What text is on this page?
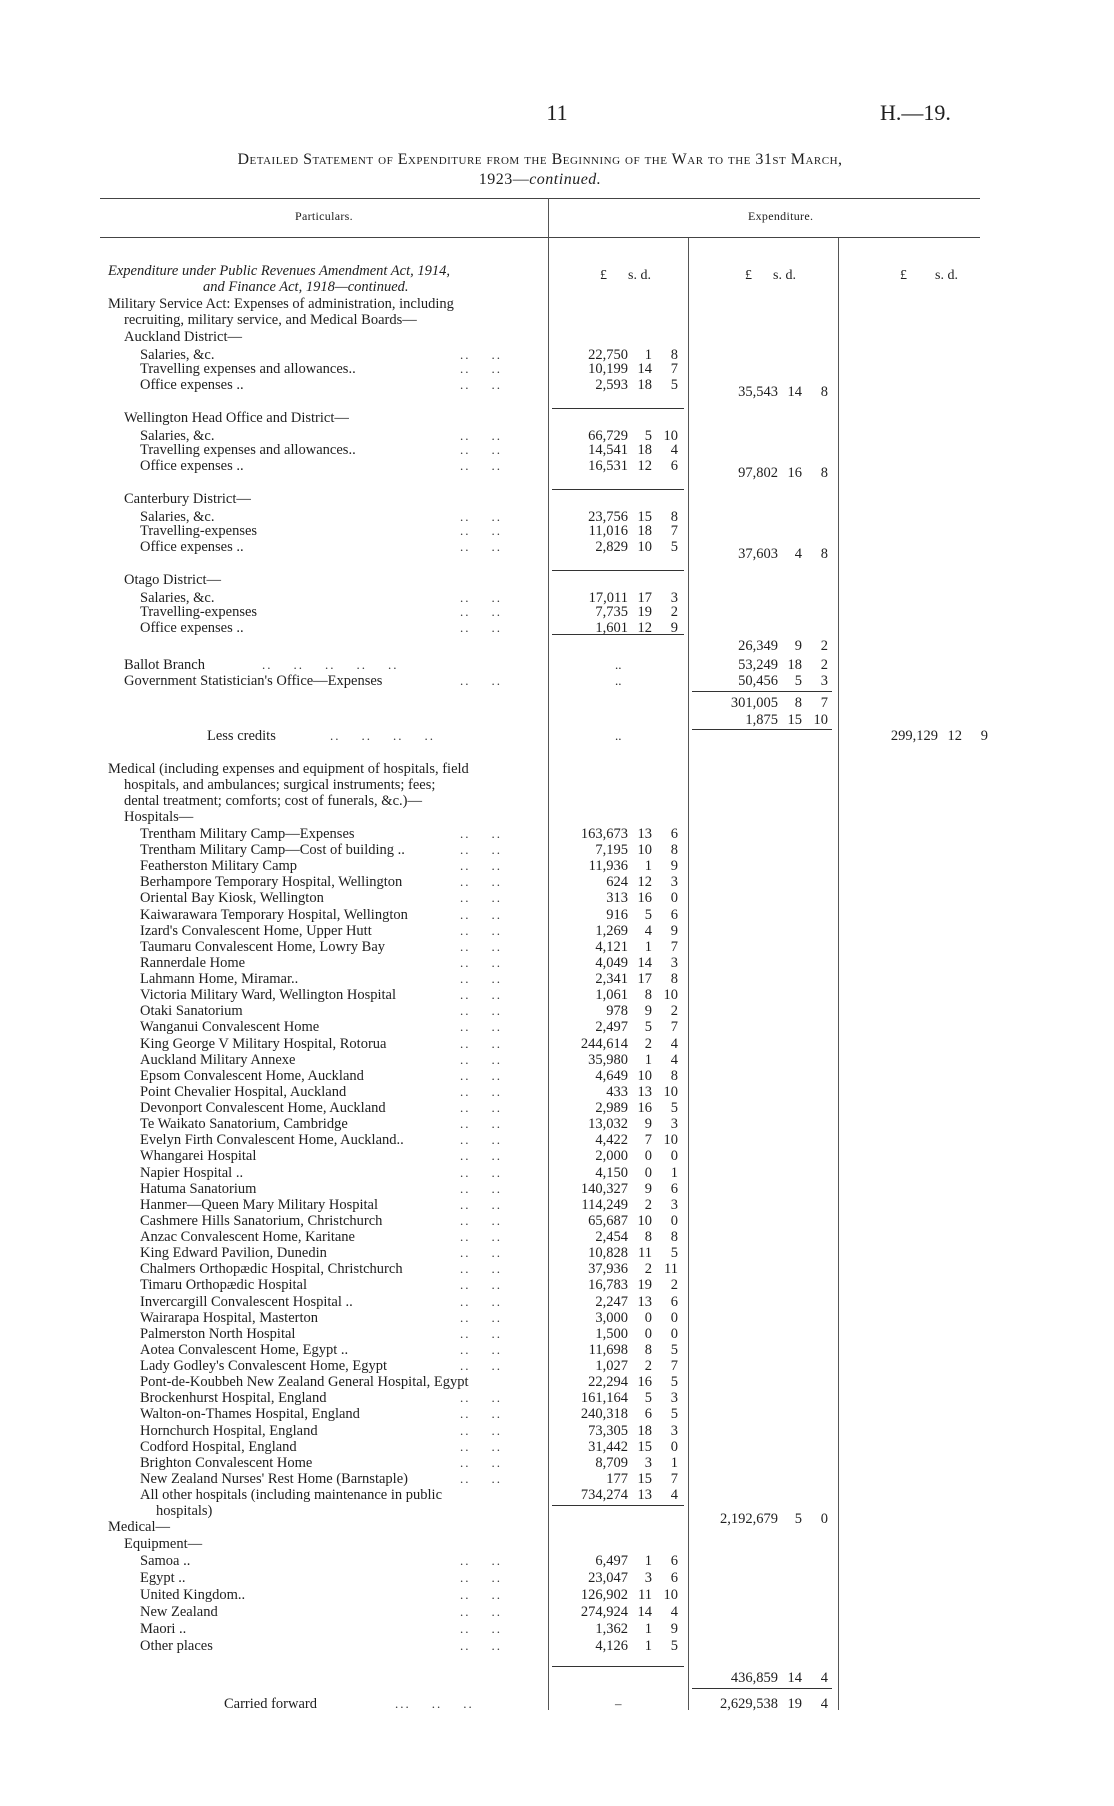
11	H.—19.
Detailed Statement of Expenditure from the Beginning of the War to the 31st March,
1923—continued.
Particulars.	Expenditure.
£ s. d.	£ s. d.	£ s. d.
Expenditure under Public Revenues Amendment Act, 1914,
and Finance Act, 1918—continued.
Military Service Act: Expenses of administration, including
recruiting, military service, and Medical Boards—
Auckland District—
Salaries, &c.	..    ..	22,750	1	8
Travelling expenses and allowances..	..    ..	10,199 14	7
Office expenses ..	..    ..	2,593 18	5	35,543 14	8
Wellington Head Office and District—
Salaries, &c.	..    ..	66,729	5 10
Travelling expenses and allowances..	..    ..	14,541 18	4
Office expenses ..	..    ..	16,531 12	6	97,802 16	8
Canterbury District—
Salaries, &c.	..    ..	23,756 15	8
Travelling-expenses	..    ..	11,016 18	7
Office expenses ..	..    ..	2,829 10	5	37,603	4	8
Otago District—
Salaries, &c.	..    ..	17,011 17	3
Travelling-expenses	..    ..	7,735 19	2
Office expenses ..	..    ..	1,601 12	9
26,349	9	2
Ballot Branch	..    ..    ..    ..    ..	..	53,249 18	2
Government Statistician's Office—Expenses	..    ..	..	50,456	5	3
301,005	8	7
1,875 15 10
Less credits	..    ..    ..    ..	..	299,129 12	9
Medical (including expenses and equipment of hospitals, field
hospitals, and ambulances; surgical instruments; fees;
dental treatment; comforts; cost of funerals, &c.)—
Hospitals—
Trentham Military Camp—Expenses	..    ..	163,673 13	6
Trentham Military Camp—Cost of building ..	..    ..	7,195 10	8
Featherston Military Camp	..    ..	11,936	1	9
Berhampore Temporary Hospital, Wellington	..    ..	624 12	3
Oriental Bay Kiosk, Wellington	..    ..	313 16	0
Kaiwarawara Temporary Hospital, Wellington	..    ..	916	5	6
Izard's Convalescent Home, Upper Hutt	..    ..	1,269	4	9
Taumaru Convalescent Home, Lowry Bay	..    ..	4,121	1	7
Rannerdale Home	..    ..	4,049 14	3
Lahmann Home, Miramar..	..    ..	2,341 17	8
Victoria Military Ward, Wellington Hospital	..    ..	1,061	8 10
Otaki Sanatorium	..    ..	978	9	2
Wanganui Convalescent Home	..    ..	2,497	5	7
King George V Military Hospital, Rotorua	..    ..	244,614	2	4
Auckland Military Annexe	..    ..	35,980	1	4
Epsom Convalescent Home, Auckland	..    ..	4,649 10	8
Point Chevalier Hospital, Auckland	..    ..	433 13 10
Devonport Convalescent Home, Auckland	..    ..	2,989 16	5
Te Waikato Sanatorium, Cambridge	..    ..	13,032	9	3
Evelyn Firth Convalescent Home, Auckland..	..    ..	4,422	7 10
Whangarei Hospital	..    ..	2,000	0	0
Napier Hospital ..	..    ..	4,150	0	1
Hatuma Sanatorium	..    ..	140,327	9	6
Hanmer—Queen Mary Military Hospital	..    ..	114,249	2	3
Cashmere Hills Sanatorium, Christchurch	..    ..	65,687 10	0
Anzac Convalescent Home, Karitane	..    ..	2,454	8	8
King Edward Pavilion, Dunedin	..    ..	10,828 11	5
Chalmers Orthopædic Hospital, Christchurch	..    ..	37,936	2 11
Timaru Orthopædic Hospital	..    ..	16,783 19	2
Invercargill Convalescent Hospital ..	..    ..	2,247 13	6
Wairarapa Hospital, Masterton	..    ..	3,000	0	0
Palmerston North Hospital	..    ..	1,500	0	0
Aotea Convalescent Home, Egypt ..	..    ..	11,698	8	5
Lady Godley's Convalescent Home, Egypt	..    ..	1,027	2	7
Pont-de-Koubbeh New Zealand General Hospital, Egypt	22,294 16	5
Brockenhurst Hospital, England	..    ..	161,164	5	3
Walton-on-Thames Hospital, England	..    ..	240,318	6	5
Hornchurch Hospital, England	..    ..	73,305 18	3
Codford Hospital, England	..    ..	31,442 15	0
Brighton Convalescent Home	..    ..	8,709	3	1
New Zealand Nurses' Rest Home (Barnstaple)	..    ..	177 15	7
All other hospitals (including maintenance in public	734,274 13	4
hospitals)	2,192,679	5	0
Medical—
Equipment—
Samoa ..	..    ..	6,497	1	6
Egypt ..	..    ..	23,047	3	6
United Kingdom..	..    ..	126,902 11 10
New Zealand	..    ..	274,924 14	4
Maori ..	..    ..	1,362	1	9
Other places	..    ..	4,126	1	5
436,859 14	4
Carried forward	...    ..    ..	–	2,629,538 19	4
